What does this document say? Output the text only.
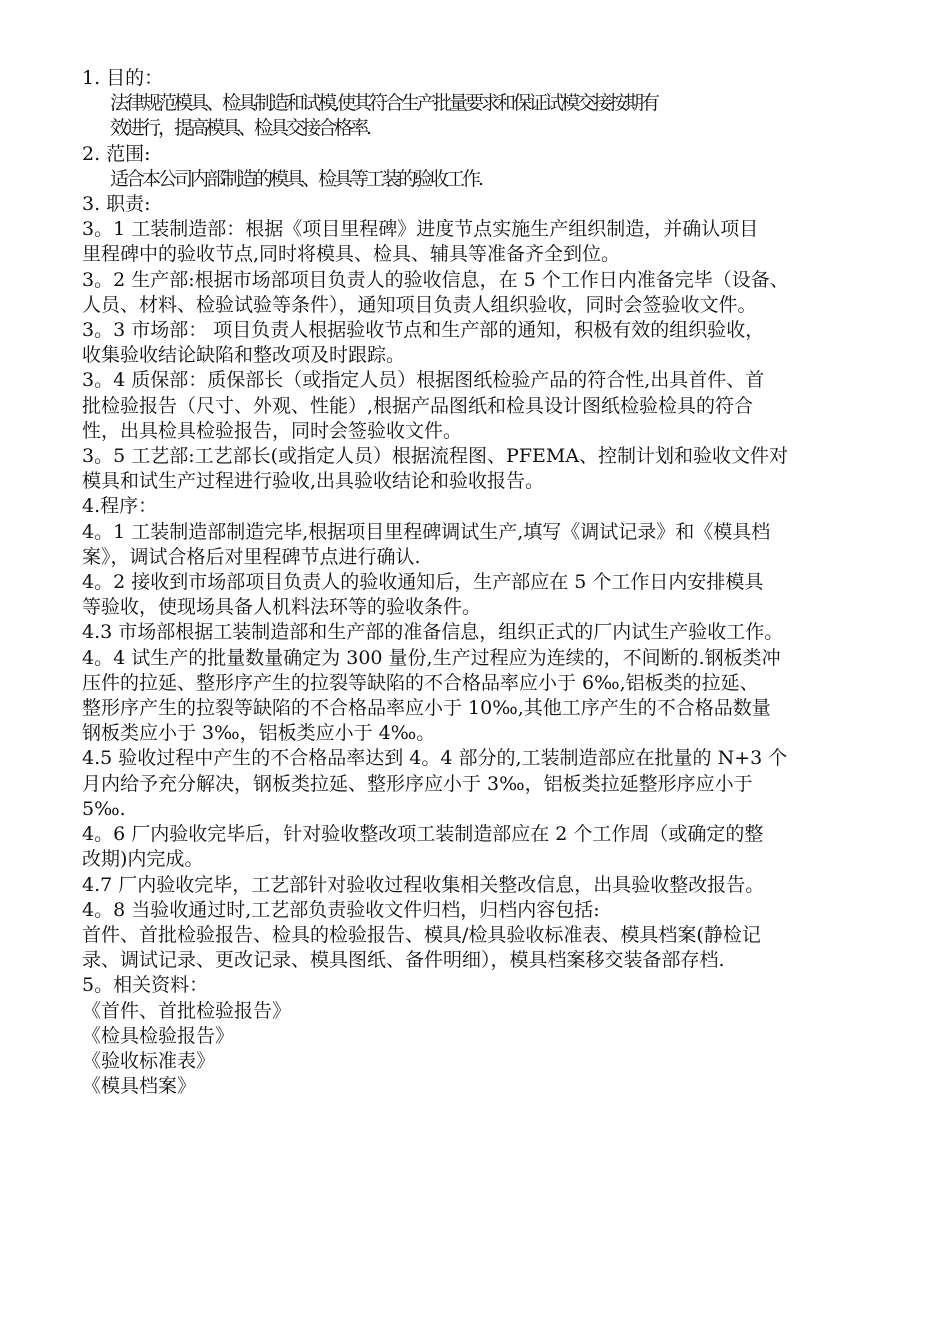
1. 目的：
法律规范模具、检具制造和试模,使其符合生产批量要求和保证试模交接按期有
效进行，提高模具、检具交接合格率.
2. 范围:
适合本公司内部制造的模具、检具等工装的验收工作.
3. 职责:
3。1 工装制造部：根据《项目里程碑》进度节点实施生产组织制造，并确认项目
里程碑中的验收节点,同时将模具、检具、辅具等准备齐全到位。
3。2 生产部:根据市场部项目负责人的验收信息，在 5 个工作日内准备完毕（设备、
人员、材料、检验试验等条件），通知项目负责人组织验收，同时会签验收文件。
3。3 市场部： 项目负责人根据验收节点和生产部的通知，积极有效的组织验收，
收集验收结论缺陷和整改项及时跟踪。
3。4 质保部：质保部长（或指定人员）根据图纸检验产品的符合性,出具首件、首
批检验报告（尺寸、外观、性能）,根据产品图纸和检具设计图纸检验检具的符合
性，出具检具检验报告，同时会签验收文件。
3。5 工艺部:工艺部长(或指定人员）根据流程图、PFEMA、控制计划和验收文件对
模具和试生产过程进行验收,出具验收结论和验收报告。
4.程序：
4。1 工装制造部制造完毕,根据项目里程碑调试生产,填写《调试记录》和《模具档
案》，调试合格后对里程碑节点进行确认.
4。2 接收到市场部项目负责人的验收通知后，生产部应在 5 个工作日内安排模具
等验收，使现场具备人机料法环等的验收条件。
4.3 市场部根据工装制造部和生产部的准备信息，组织正式的厂内试生产验收工作。
4。4 试生产的批量数量确定为 300 量份,生产过程应为连续的，不间断的.钢板类冲
压件的拉延、整形序产生的拉裂等缺陷的不合格品率应小于 6‰,铝板类的拉延、
整形序产生的拉裂等缺陷的不合格品率应小于 10‰,其他工序产生的不合格品数量
钢板类应小于 3‰，铝板类应小于 4‰。
4.5 验收过程中产生的不合格品率达到 4。4 部分的,工装制造部应在批量的 N+3 个
月内给予充分解决，钢板类拉延、整形序应小于 3‰，铝板类拉延整形序应小于
5‰.
4。6 厂内验收完毕后，针对验收整改项工装制造部应在 2 个工作周（或确定的整
改期)内完成。
4.7 厂内验收完毕，工艺部针对验收过程收集相关整改信息，出具验收整改报告。
4。8 当验收通过时,工艺部负责验收文件归档，归档内容包括:
首件、首批检验报告、检具的检验报告、模具/检具验收标准表、模具档案(静检记
录、调试记录、更改记录、模具图纸、备件明细），模具档案移交装备部存档.
5。相关资料：
《首件、首批检验报告》
《检具检验报告》
《验收标准表》
《模具档案》
